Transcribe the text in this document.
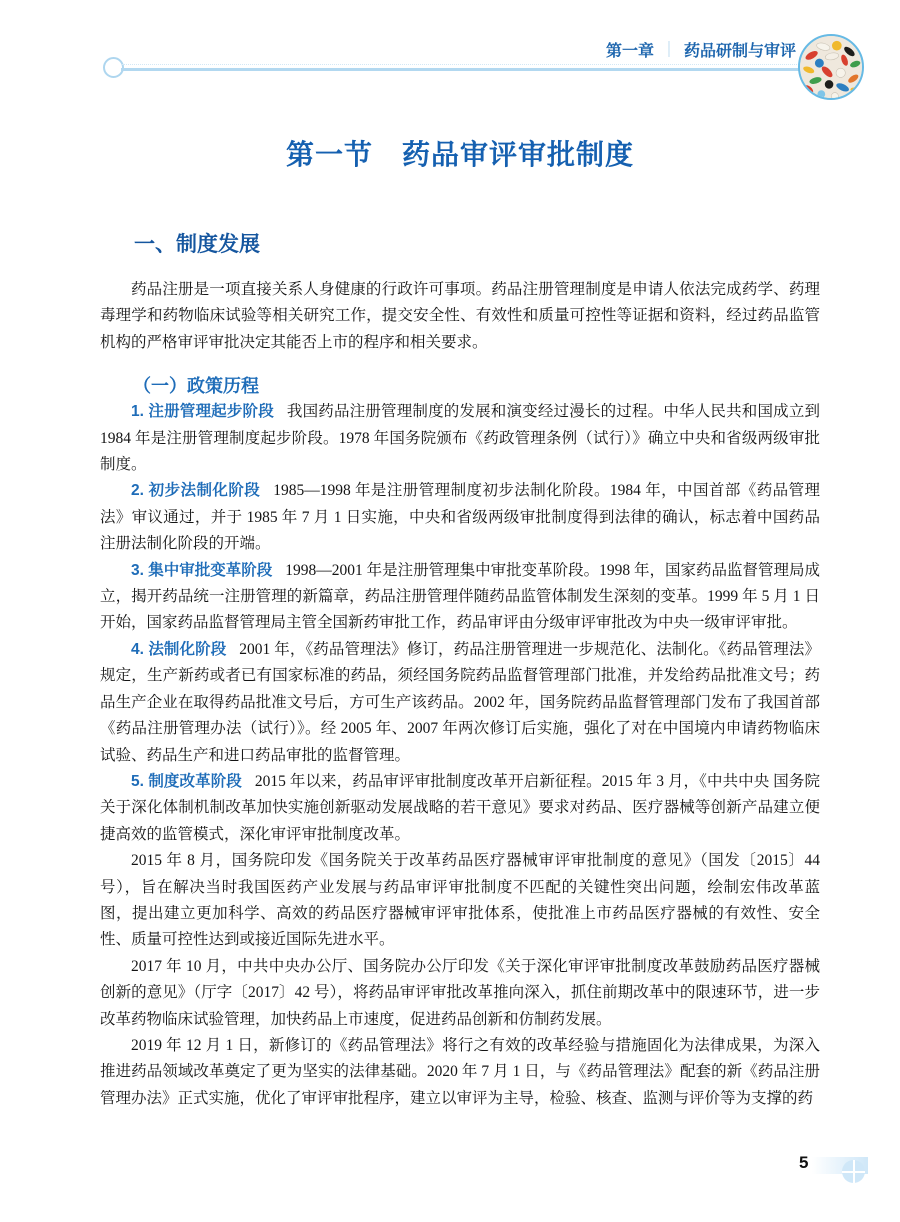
第一章 ｜ 药品研制与审评
第一节　药品审评审批制度
一、制度发展

药品注册是一项直接关系人身健康的行政许可事项。药品注册管理制度是申请人依法完成药学、药理毒理学和药物临床试验等相关研究工作，提交安全性、有效性和质量可控性等证据和资料，经过药品监管机构的严格审评审批决定其能否上市的程序和相关要求。

（一）政策历程

1. 注册管理起步阶段 我国药品注册管理制度的发展和演变经过漫长的过程。中华人民共和国成立到 1984 年是注册管理制度起步阶段。1978 年国务院颁布《药政管理条例（试行）》确立中央和省级两级审批制度。

2. 初步法制化阶段 1985—1998 年是注册管理制度初步法制化阶段。1984 年，中国首部《药品管理法》审议通过，并于 1985 年 7 月 1 日实施，中央和省级两级审批制度得到法律的确认，标志着中国药品注册法制化阶段的开端。

3. 集中审批变革阶段 1998—2001 年是注册管理集中审批变革阶段。1998 年，国家药品监督管理局成立，揭开药品统一注册管理的新篇章，药品注册管理伴随药品监管体制发生深刻的变革。1999 年 5 月 1 日开始，国家药品监督管理局主管全国新药审批工作，药品审评由分级审评审批改为中央一级审评审批。

4. 法制化阶段 2001 年，《药品管理法》修订，药品注册管理进一步规范化、法制化。《药品管理法》规定，生产新药或者已有国家标准的药品，须经国务院药品监督管理部门批准，并发给药品批准文号；药品生产企业在取得药品批准文号后，方可生产该药品。2002 年，国务院药品监督管理部门发布了我国首部《药品注册管理办法（试行）》。经 2005 年、2007 年两次修订后实施，强化了对在中国境内申请药物临床试验、药品生产和进口药品审批的监督管理。

5. 制度改革阶段 2015 年以来，药品审评审批制度改革开启新征程。2015 年 3 月，《中共中央 国务院关于深化体制机制改革加快实施创新驱动发展战略的若干意见》要求对药品、医疗器械等创新产品建立便捷高效的监管模式，深化审评审批制度改革。

2015 年 8 月，国务院印发《国务院关于改革药品医疗器械审评审批制度的意见》（国发〔2015〕44 号），旨在解决当时我国医药产业发展与药品审评审批制度不匹配的关键性突出问题，绘制宏伟改革蓝图，提出建立更加科学、高效的药品医疗器械审评审批体系，使批准上市药品医疗器械的有效性、安全性、质量可控性达到或接近国际先进水平。

2017 年 10 月，中共中央办公厅、国务院办公厅印发《关于深化审评审批制度改革鼓励药品医疗器械创新的意见》（厅字〔2017〕42 号），将药品审评审批改革推向深入，抓住前期改革中的限速环节，进一步改革药物临床试验管理，加快药品上市速度，促进药品创新和仿制药发展。

2019 年 12 月 1 日，新修订的《药品管理法》将行之有效的改革经验与措施固化为法律成果，为深入推进药品领域改革奠定了更为坚实的法律基础。2020 年 7 月 1 日，与《药品管理法》配套的新《药品注册管理办法》正式实施，优化了审评审批程序，建立以审评为主导，检验、核查、监测与评价等为支撑的药

5
